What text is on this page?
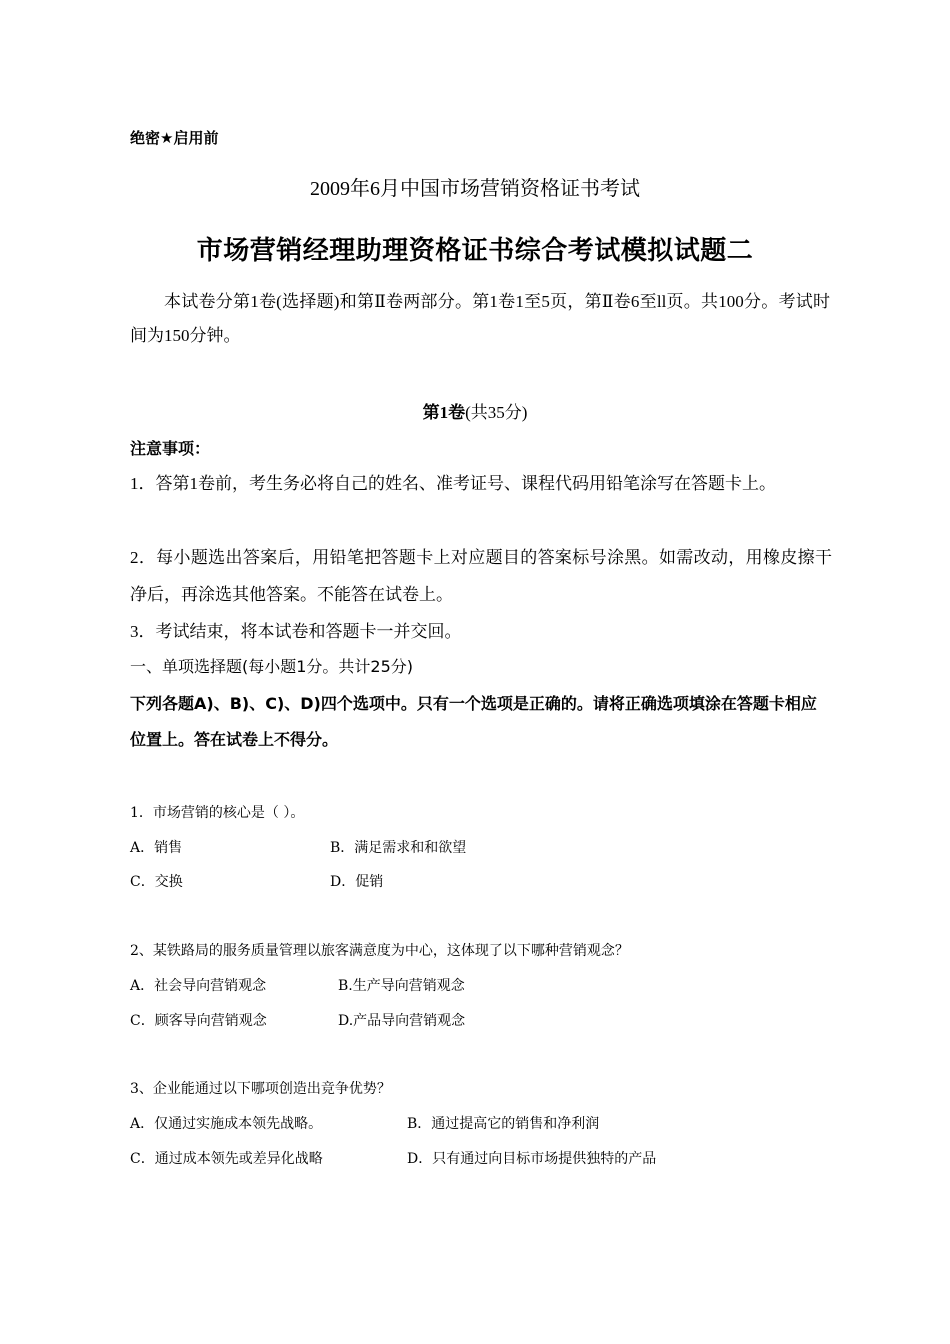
绝密★启用前
2009年6月中国市场营销资格证书考试
市场营销经理助理资格证书综合考试模拟试题二
本试卷分第1卷(选择题)和第Ⅱ卷两部分。第1卷1至5页，第Ⅱ卷6至ll页。共100分。考试时间为150分钟。
第1卷(共35分)
注意事项：
1．答第1卷前，考生务必将自己的姓名、准考证号、课程代码用铅笔涂写在答题卡上。
2．每小题选出答案后，用铅笔把答题卡上对应题目的答案标号涂黑。如需改动，用橡皮擦干净后，再涂选其他答案。不能答在试卷上。
3．考试结束，将本试卷和答题卡一并交回。
一、单项选择题(每小题1分。共计25分)
下列各题A)、B)、C)、D)四个选项中。只有一个选项是正确的。请将正确选项填涂在答题卡相应位置上。答在试卷上不得分。
1．市场营销的核心是（ ）。
A．销售	B．满足需求和和欲望
C．交换	D．促销
2、某铁路局的服务质量管理以旅客满意度为中心，这体现了以下哪种营销观念？
A．社会导向营销观念	B.生产导向营销观念
C．顾客导向营销观念	D.产品导向营销观念
3、企业能通过以下哪项创造出竞争优势？
A．仅通过实施成本领先战略。	B．通过提高它的销售和净利润
C．通过成本领先或差异化战略	D．只有通过向目标市场提供独特的产品
